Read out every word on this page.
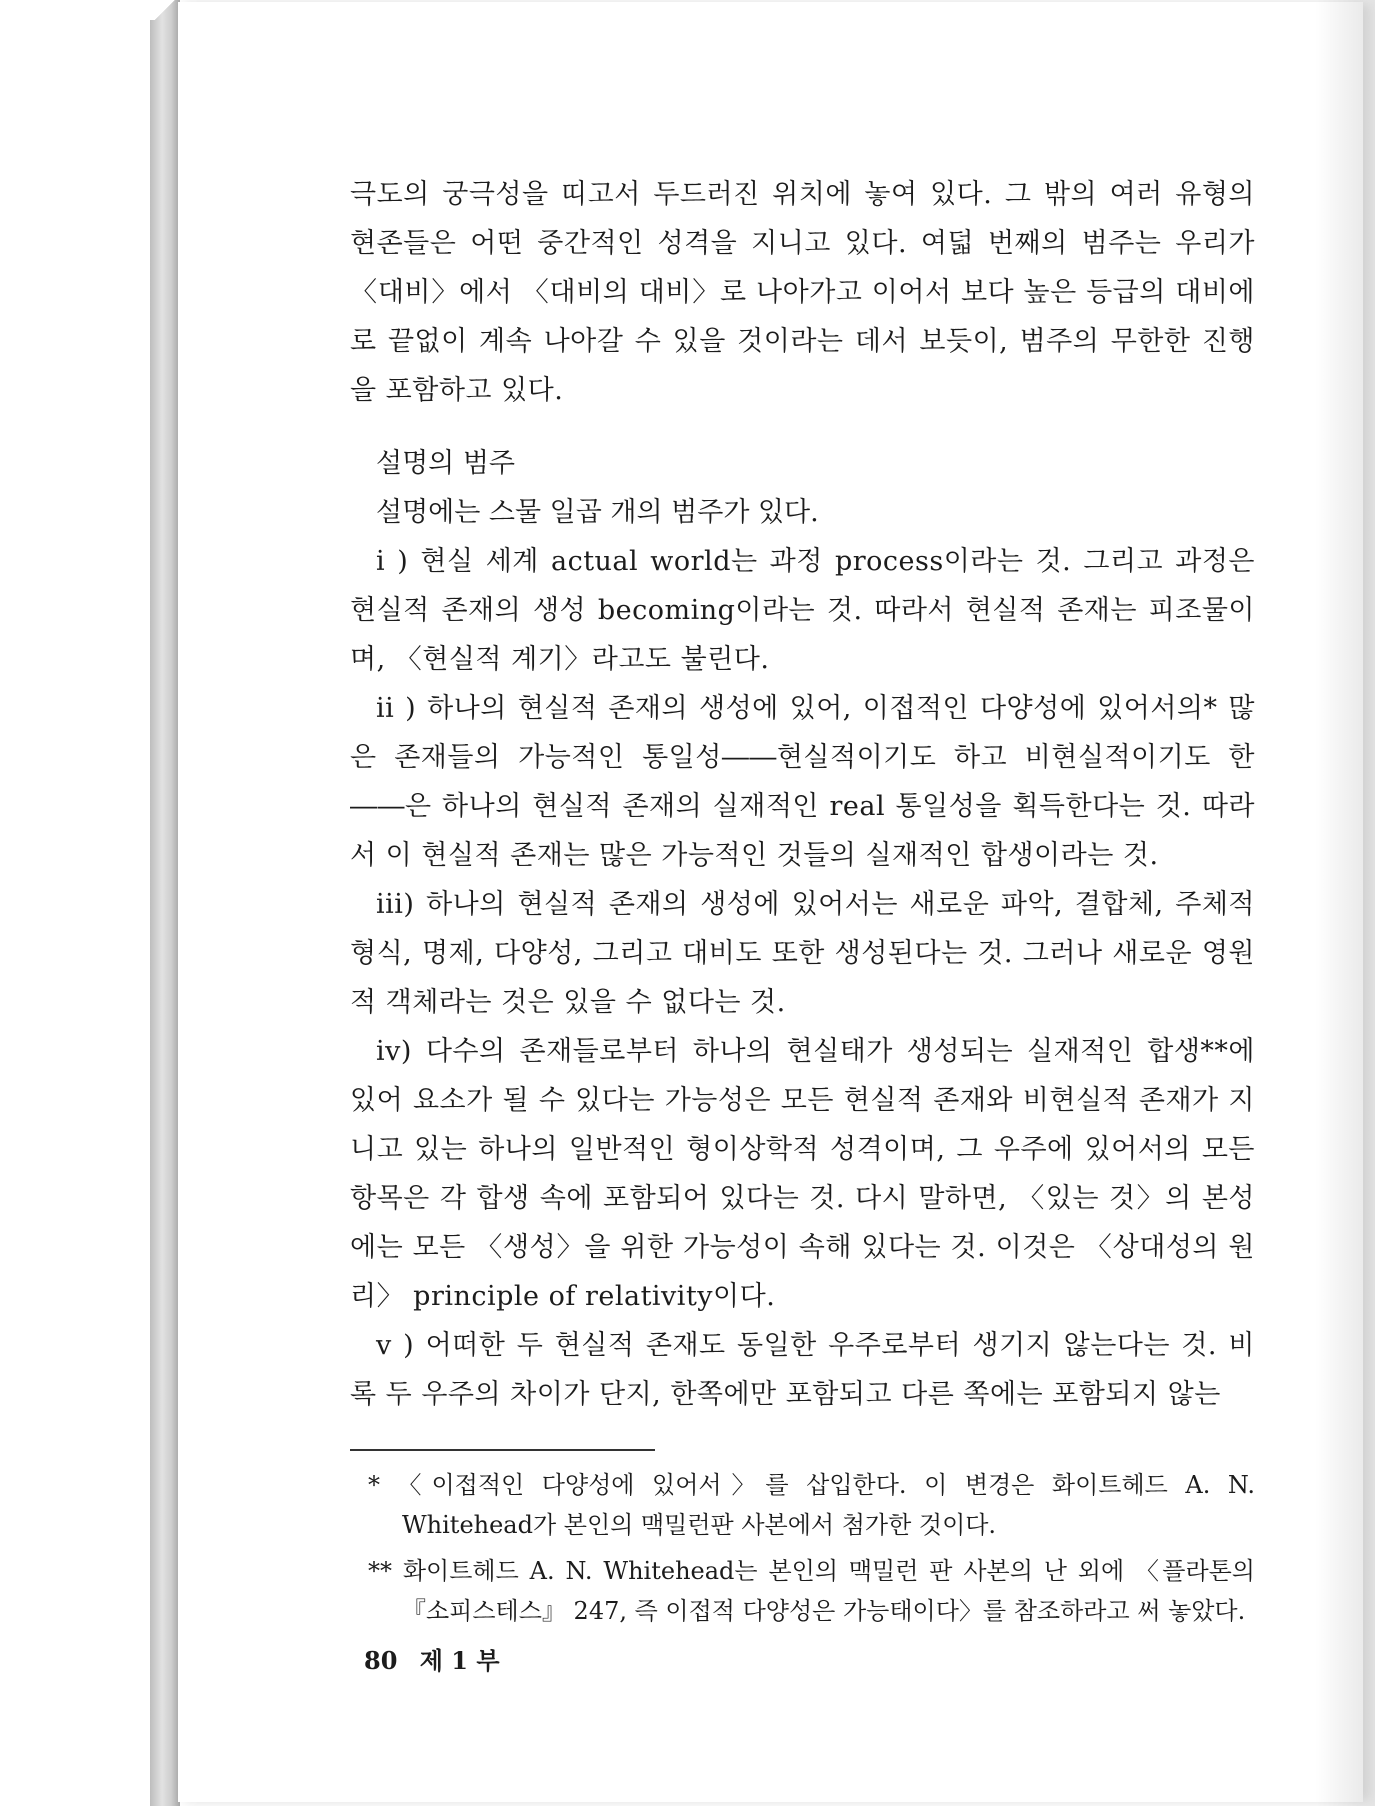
극도의 궁극성을 띠고서 두드러진 위치에 놓여 있다. 그 밖의 여러 유형의 현존들은 어떤 중간적인 성격을 지니고 있다. 여덟 번째의 범주는 우리가 〈대비〉에서 〈대비의 대비〉로 나아가고 이어서 보다 높은 등급의 대비에로 끝없이 계속 나아갈 수 있을 것이라는 데서 보듯이, 범주의 무한한 진행을 포함하고 있다.

설명의 범주

설명에는 스물 일곱 개의 범주가 있다.

i ) 현실 세계 actual world는 과정 process이라는 것. 그리고 과정은 현실적 존재의 생성 becoming이라는 것. 따라서 현실적 존재는 피조물이며, 〈현실적 계기〉라고도 불린다.

ii ) 하나의 현실적 존재의 생성에 있어, 이접적인 다양성에 있어서의* 많은 존재들의 가능적인 통일성――현실적이기도 하고 비현실적이기도 한――은 하나의 현실적 존재의 실재적인 real 통일성을 획득한다는 것. 따라서 이 현실적 존재는 많은 가능적인 것들의 실재적인 합생이라는 것.

iii) 하나의 현실적 존재의 생성에 있어서는 새로운 파악, 결합체, 주체적 형식, 명제, 다양성, 그리고 대비도 또한 생성된다는 것. 그러나 새로운 영원적 객체라는 것은 있을 수 없다는 것.

iv) 다수의 존재들로부터 하나의 현실태가 생성되는 실재적인 합생**에 있어 요소가 될 수 있다는 가능성은 모든 현실적 존재와 비현실적 존재가 지니고 있는 하나의 일반적인 형이상학적 성격이며, 그 우주에 있어서의 모든 항목은 각 합생 속에 포함되어 있다는 것. 다시 말하면, 〈있는 것〉의 본성에는 모든 〈생성〉을 위한 가능성이 속해 있다는 것. 이것은 〈상대성의 원리〉 principle of relativity이다.

v ) 어떠한 두 현실적 존재도 동일한 우주로부터 생기지 않는다는 것. 비록 두 우주의 차이가 단지, 한쪽에만 포함되고 다른 쪽에는 포함되지 않는

* 〈이접적인 다양성에 있어서〉를 삽입한다. 이 변경은 화이트헤드 A. N. Whitehead가 본인의 맥밀런판 사본에서 첨가한 것이다.

** 화이트헤드 A. N. Whitehead는 본인의 맥밀런 판 사본의 난 외에 〈플라톤의 『소피스테스』 247, 즉 이접적 다양성은 가능태이다〉를 참조하라고 써 놓았다.

80 제 1 부
